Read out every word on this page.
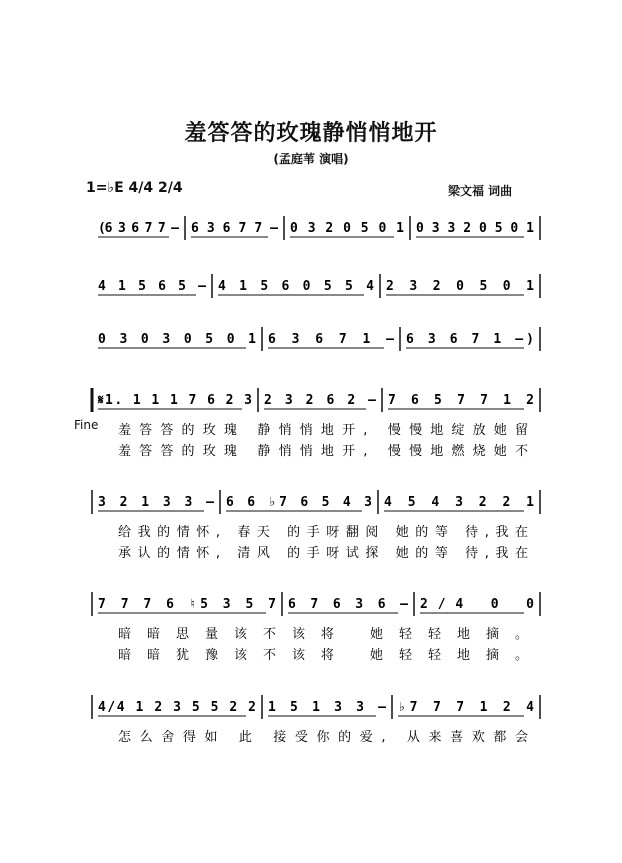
羞答答的玫瑰静悄悄地开
(孟庭苇 演唱)
1=♭E 4/4 2/4	梁文福 词曲
Fine
(6 3 6 7 7 – 6 3 6 7 7 – 0 3 2 0 5 0 1 0 3 3 2 0 5 0 1
4 1 5 6 5 – 4 1 5 6 0 5 5 4 2 3 2 0 5 0 1
0 3 0 3 0 5 0 1 6 3 6 7 1 – 6 3 6 7 1 –)
𝄋1. 1 1 1 7 6 2 3 2 3 2 6 2 – 7 6 5 7 7 1 2
羞答答的玫瑰 静悄悄地开, 慢慢地绽放她留
羞答答的玫瑰 静悄悄地开, 慢慢地燃烧她不
3 2 1 3 3 – 6 6 ♭7 6 5 4 3 4 5 4 3 2 2 1
给我的情怀, 春天 的手呀翻阅 她的等 待,我在
承认的情怀, 清风 的手呀试探 她的等 待,我在
7 7 7 6 ♮5 3 5 7 6 7 6 3 6 – 2/4 0 0
暗暗思量该不该将 她轻轻地摘。
暗暗犹豫该不该将 她轻轻地摘。
4/4 1 2 3 5 5 2 2 1 5 1 3 3 – ♭7 7 7 1 2 4
怎么舍得如 此 接受你的爱, 从来喜欢都会
